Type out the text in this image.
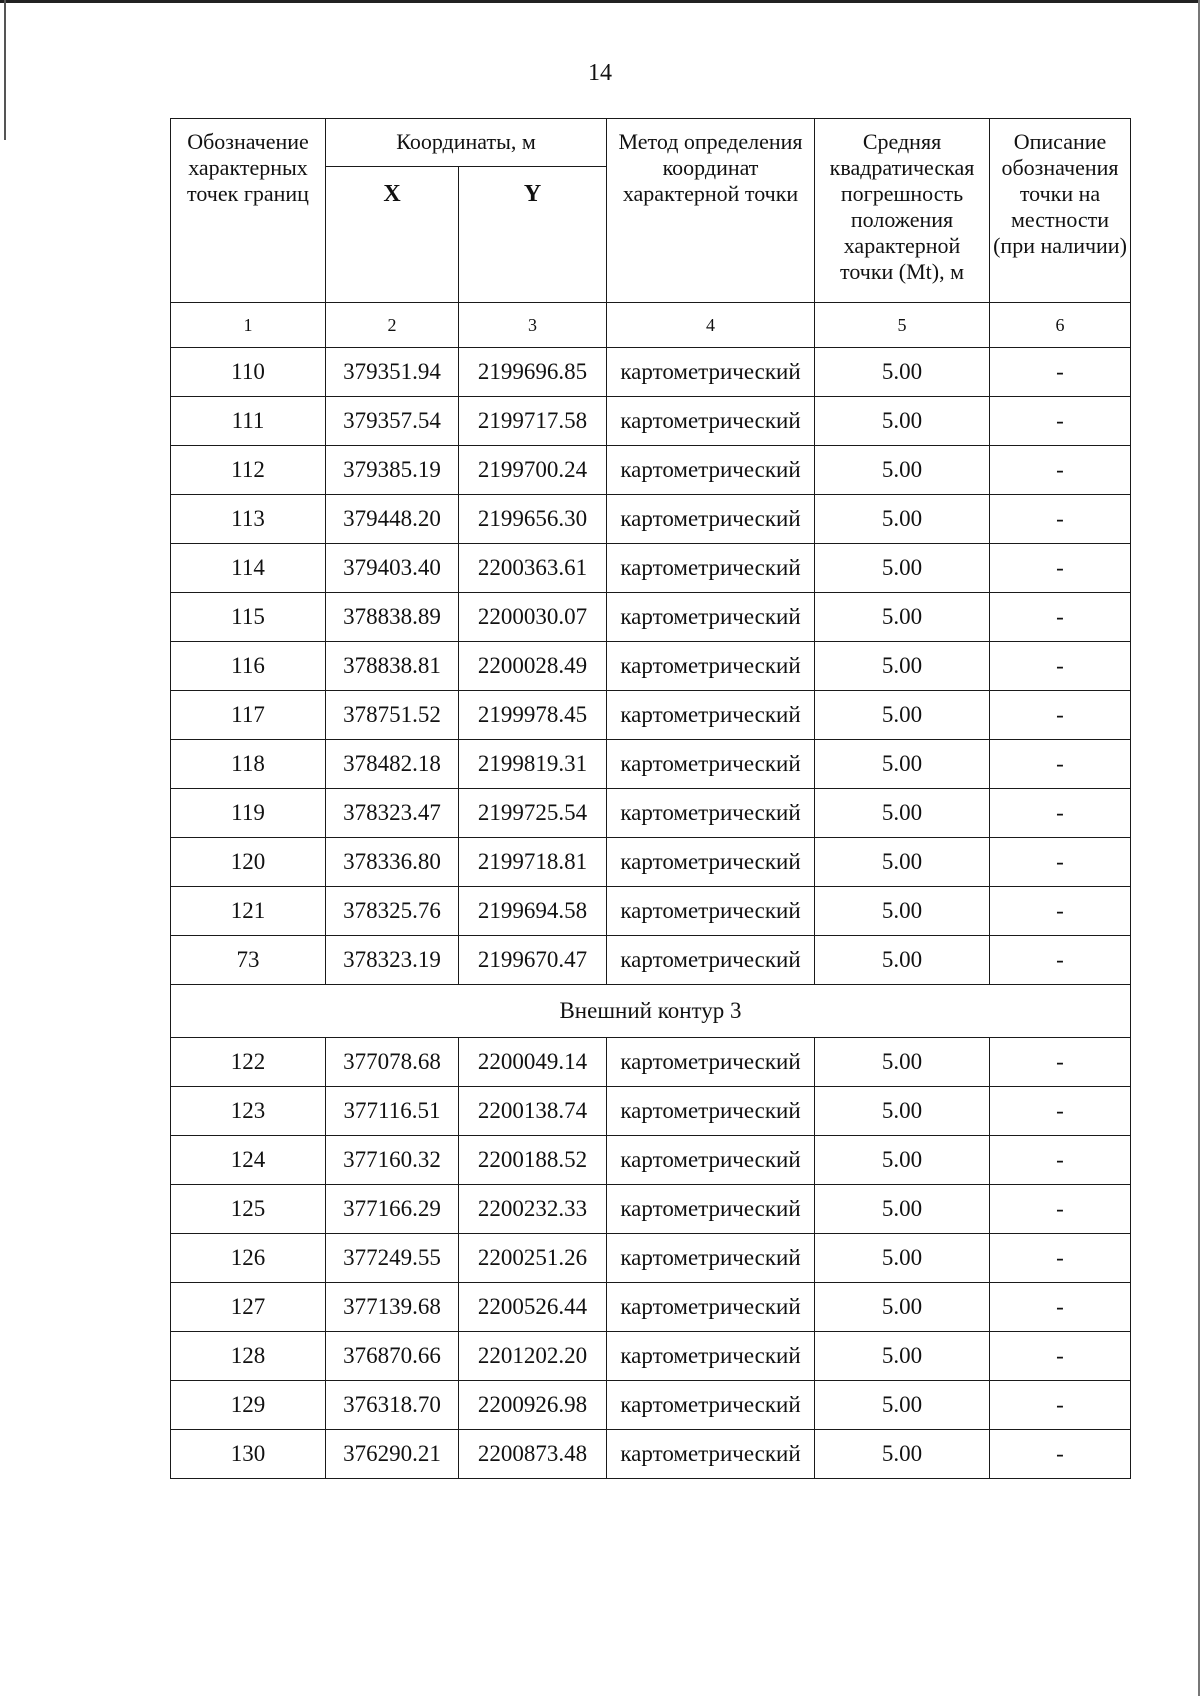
14
Обозначение характерных точек границ	Координаты, м		Метод определения координат характерной точки	Средняя квадратическая погрешность положения характерной точки (Mt), м	Описание обозначения точки на местности (при наличии)
	X	Y			
1	2	3	4	5	6
110	379351.94	2199696.85	картометрический	5.00	-
111	379357.54	2199717.58	картометрический	5.00	-
112	379385.19	2199700.24	картометрический	5.00	-
113	379448.20	2199656.30	картометрический	5.00	-
114	379403.40	2200363.61	картометрический	5.00	-
115	378838.89	2200030.07	картометрический	5.00	-
116	378838.81	2200028.49	картометрический	5.00	-
117	378751.52	2199978.45	картометрический	5.00	-
118	378482.18	2199819.31	картометрический	5.00	-
119	378323.47	2199725.54	картометрический	5.00	-
120	378336.80	2199718.81	картометрический	5.00	-
121	378325.76	2199694.58	картометрический	5.00	-
73	378323.19	2199670.47	картометрический	5.00	-
Внешний контур 3					
122	377078.68	2200049.14	картометрический	5.00	-
123	377116.51	2200138.74	картометрический	5.00	-
124	377160.32	2200188.52	картометрический	5.00	-
125	377166.29	2200232.33	картометрический	5.00	-
126	377249.55	2200251.26	картометрический	5.00	-
127	377139.68	2200526.44	картометрический	5.00	-
128	376870.66	2201202.20	картометрический	5.00	-
129	376318.70	2200926.98	картометрический	5.00	-
130	376290.21	2200873.48	картометрический	5.00	-
